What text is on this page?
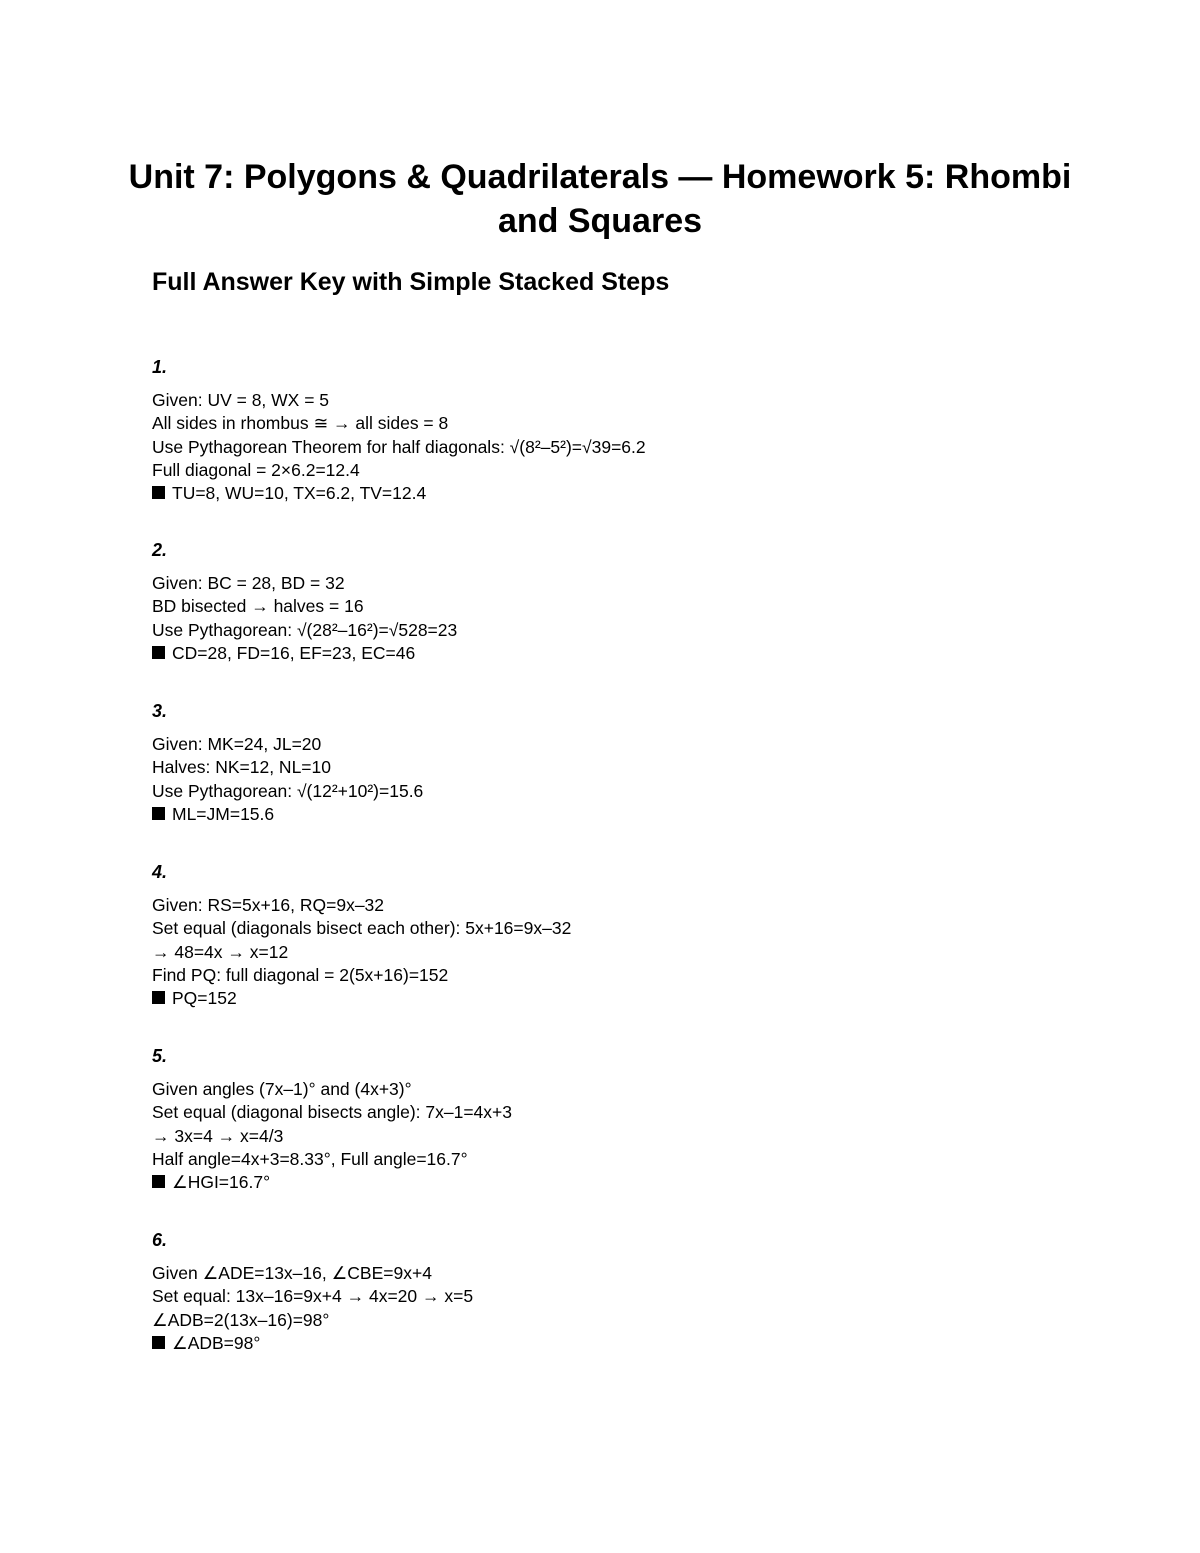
Unit 7: Polygons & Quadrilaterals — Homework 5: Rhombi and Squares
Full Answer Key with Simple Stacked Steps
1.
Given: UV = 8, WX = 5
All sides in rhombus ≅ → all sides = 8
Use Pythagorean Theorem for half diagonals: √(8²–5²)=√39=6.2
Full diagonal = 2×6.2=12.4
TU=8, WU=10, TX=6.2, TV=12.4
2.
Given: BC = 28, BD = 32
BD bisected → halves = 16
Use Pythagorean: √(28²–16²)=√528=23
CD=28, FD=16, EF=23, EC=46
3.
Given: MK=24, JL=20
Halves: NK=12, NL=10
Use Pythagorean: √(12²+10²)=15.6
ML=JM=15.6
4.
Given: RS=5x+16, RQ=9x–32
Set equal (diagonals bisect each other): 5x+16=9x–32
→ 48=4x → x=12
Find PQ: full diagonal = 2(5x+16)=152
PQ=152
5.
Given angles (7x–1)° and (4x+3)°
Set equal (diagonal bisects angle): 7x–1=4x+3
→ 3x=4 → x=4/3
Half angle=4x+3=8.33°, Full angle=16.7°
∠HGI=16.7°
6.
Given ∠ADE=13x–16, ∠CBE=9x+4
Set equal: 13x–16=9x+4 → 4x=20 → x=5
∠ADB=2(13x–16)=98°
∠ADB=98°
